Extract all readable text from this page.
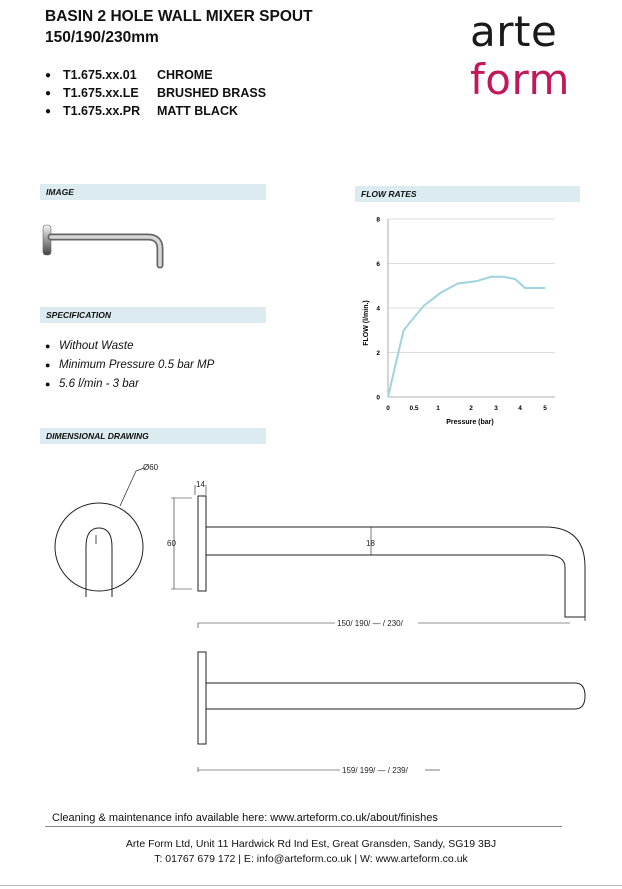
BASIN 2 HOLE WALL MIXER SPOUT
150/190/230mm	arte
form
● T1.675.xx.01	CHROME
● T1.675.xx.LE	BRUSHED BRASS
● T1.675.xx.PR	MATT BLACK
IMAGE	FLOW RATES
SPECIFICATION
DIMENSIONAL DRAWING
0
2
4
6
8
0	0.5	1	2	3	4	5
Pressure (bar)
FLOW (l/min.)
● Without Waste
● Minimum Pressure 0.5 bar MP
● 5.6 l/min - 3 bar
Ø60
14
60	18
150/ 190/ — / 230/
159/ 199/ — / 239/
Cleaning & maintenance info available here: www.arteform.co.uk/about/finishes
Arte Form Ltd, Unit 11 Hardwick Rd Ind Est, Great Gransden, Sandy, SG19 3BJ
T: 01767 679 172 | E: info@arteform.co.uk | W: www.arteform.co.uk
